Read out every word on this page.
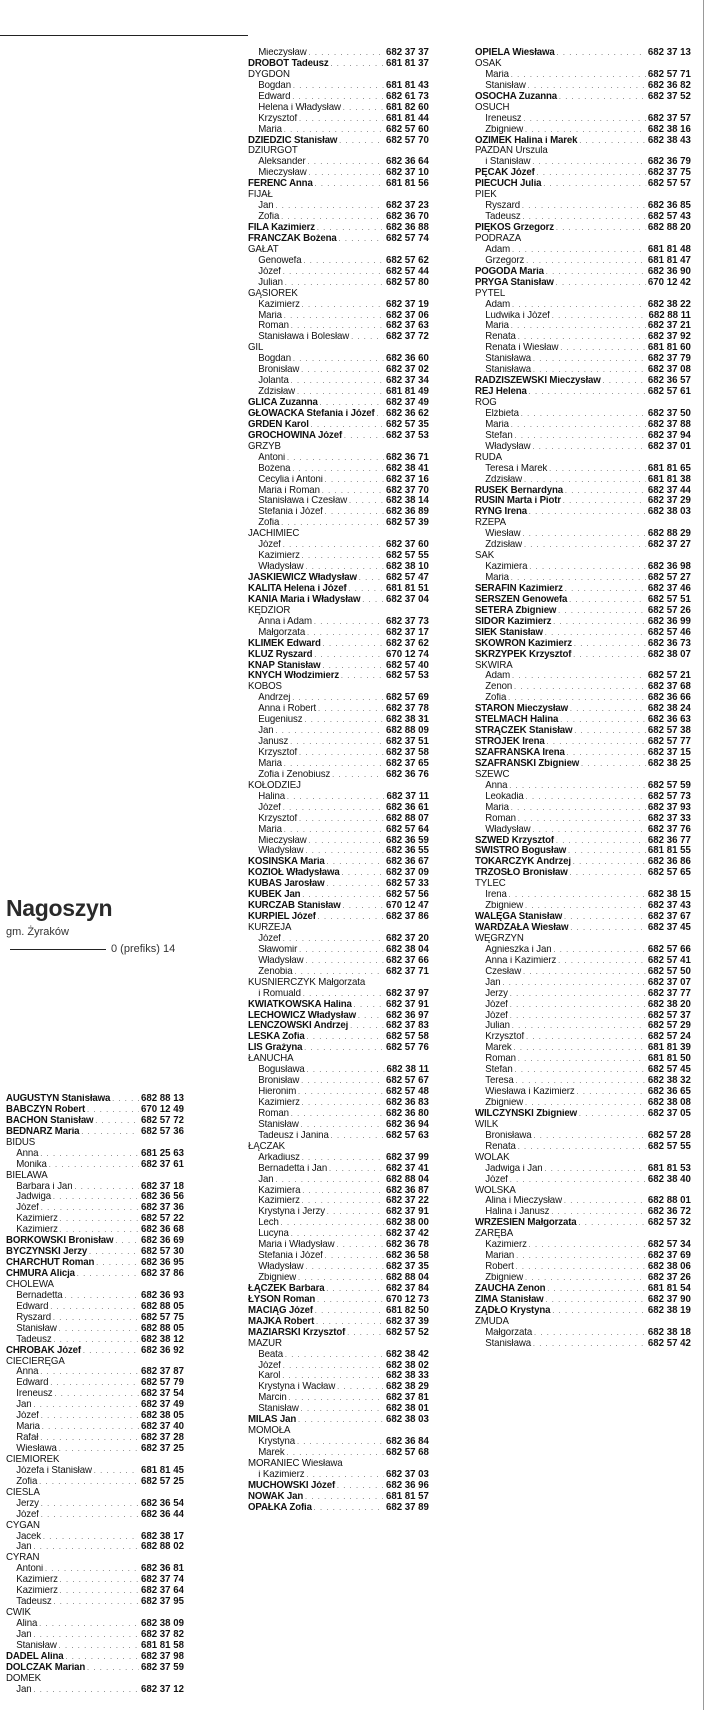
AUGUSTYN Stanisława . . .	682 88 13
BABCZYN Robert . . .	670 12 49
BACHOŃ Stanisław . . .	682 57 72
BEDNARZ Maria . . .	682 57 36
BIDUŚ
Anna . . .	681 25 63
Monika . . .	682 37 61
BIELAWA
Barbara i Jan . . .	682 37 18
Jadwiga . . .	682 36 56
Józef . . .	682 37 36
Kazimierz . . .	682 57 22
Kazimierz . . .	682 36 68
BORKOWSKI Bronisław . . .	682 36 69
BYCZYŃSKI Jerzy . . .	682 57 30
CHARCHUT Roman . . .	682 36 95
CHMURA Alicja . . .	682 37 86
CHOLEWA
Bernadetta . . .	682 36 93
Edward . . .	682 88 05
Ryszard . . .	682 57 75
Stanisław . . .	682 88 05
Tadeusz . . .	682 38 12
CHROBAK Józef . . .	682 36 92
CIECIERĘGA
Anna . . .	682 37 87
Edward . . .	682 57 79
Ireneusz . . .	682 37 54
Jan . . .	682 37 49
Józef . . .	682 38 05
Maria . . .	682 37 40
Rafał . . .	682 37 28
Wiesława . . .	682 37 25
CIEMIOREK
Józefa i Stanisław . . .	681 81 45
Zofia . . .	682 57 25
CIEŚLA
Jerzy . . .	682 36 54
Józef . . .	682 36 44
CYGAN
Jacek . . .	682 38 17
Jan . . .	682 88 02
CYRAN
Antoni . . .	682 36 81
Kazimierz . . .	682 37 74
Kazimierz . . .	682 37 64
Tadeusz . . .	682 37 95
ĆWIK
Alina . . .	682 38 09
Jan . . .	682 37 82
Stanisław . . .	681 81 58
DADEL Alina . . .	682 37 98
DOLCZAK Marian . . .	682 37 59
DOMEK
Jan . . .	682 37 12
Mieczysław . . .	682 37 37
DROBOT Tadeusz . . .	681 81 37
DYGDOŃ
Bogdan . . .	681 81 43
Edward . . .	682 61 73
Helena i Władysław . . .	681 82 60
Krzysztof . . .	681 81 44
Maria . . .	682 57 60
DZIEDZIC Stanisław . . .	682 57 70
DZIURGOT
Aleksander . . .	682 36 64
Mieczysław . . .	682 37 10
FERENC Anna . . .	681 81 56
FIJAŁ
Jan . . .	682 37 23
Zofia . . .	682 36 70
FILA Kazimierz . . .	682 36 88
FRANCZAK Bożena . . .	682 57 74
GAŁAT
Genowefa . . .	682 57 62
Józef . . .	682 57 44
Julian . . .	682 57 80
GĄSIOREK
Kazimierz . . .	682 37 19
Maria . . .	682 37 06
Roman . . .	682 37 63
Stanisława i Bolesław . . .	682 37 72
GIL
Bogdan . . .	682 36 60
Bronisław . . .	682 37 02
Jolanta . . .	682 37 34
Zdzisław . . .	681 81 49
GLICA Zuzanna . . .	682 37 49
GŁOWACKA Stefania i Józef . . . 682 36 62
GRDEŃ Karol . . .	682 57 35
GROCHOWINA Józef . . .	682 37 53
GRZYB
Antoni . . .	682 36 71
Bożena . . .	682 38 41
Cecylia i Antoni . . .	682 37 16
Maria i Roman . . .	682 37 70
Stanisława i Czesław . . .	682 38 14
Stefania i Józef . . .	682 36 89
Zofia . . .	682 57 39
JACHIMIEC
Józef . . .	682 37 60
Kazimierz . . .	682 57 55
Władysław . . .	682 38 10
JAŚKIEWICZ Władysław . . .	682 57 47
KALITA Helena i Józef . . .	681 81 51
KANIA Maria i Władysław . . . 682 37 04
KĘDZIOR
Anna i Adam . . .	682 37 73
Małgorzata . . .	682 37 17
KLIMEK Edward . . .	682 37 62
KLUZ Ryszard . . .	670 12 74
KNAP Stanisław . . .	682 57 40
KNYCH Włodzimierz . . .	682 57 53
KOBOS
Andrzej . . .	682 57 69
Anna i Robert . . .	682 37 78
Eugeniusz . . .	682 38 31
Jan . . .	682 88 09
Janusz . . .	682 37 51
Krzysztof . . .	682 37 58
Maria . . .	682 37 65
Zofia i Zenobiusz . . .	682 36 76
KOŁODZIEJ
Halina . . .	682 37 11
Józef . . .	682 36 61
Krzysztof . . .	682 88 07
Maria . . .	682 57 64
Mieczysław . . .	682 36 59
Władysław . . .	682 36 55
KOSIŃSKA Maria . . .	682 36 67
KOZIOŁ Władysława . . .	682 37 09
KUBAS Jarosław . . .	682 57 33
KUBEK Jan . . .	682 57 56
KURCZAB Stanisław . . .	670 12 47
KURPIEL Józef . . .	682 37 86
KURZEJA
Józef . . .	682 37 20
Sławomir . . .	682 38 04
Władysław . . .	682 37 66
Zenobia . . .	682 37 71
KUŚNIERCZYK Małgorzata
i Romuald . . .	682 37 97
KWIATKOWSKA Halina . . .	682 37 91
LECHOWICZ Władysław . . .	682 36 97
LENCZOWSKI Andrzej . . .	682 37 83
LESKA Zofia . . .	682 57 58
LIS Grażyna . . .	682 57 76
ŁANUCHA
Bogusława . . .	682 38 11
Bronisław . . .	682 57 67
Hieronim . . .	682 57 48
Kazimierz . . .	682 36 83
Roman . . .	682 36 80
Stanisław . . .	682 36 94
Tadeusz i Janina . . .	682 57 63
ŁĄCZAK
Arkadiusz . . .	682 37 99
Bernadetta i Jan . . .	682 37 41
Jan . . .	682 88 04
Kazimiera . . .	682 36 87
Kazimierz . . .	682 37 22
Krystyna i Jerzy . . .	682 37 91
Lech . . .	682 38 00
Lucyna . . .	682 37 42
Maria i Władysław . . .	682 36 78
Stefania i Józef . . .	682 36 58
Władysław . . .	682 37 35
Zbigniew . . .	682 88 04
ŁĄCZEK Barbara . . .	682 37 84
ŁYSOŃ Roman . . .	670 12 73
MACIĄG Józef . . .	681 82 50
MAJKA Robert . . .	682 37 39
MAZIARSKI Krzysztof . . .	682 57 52
MAZUR
Beata . . .	682 38 42
Józef . . .	682 38 02
Karol . . .	682 38 33
Krystyna i Wacław . . .	682 38 29
Marcin . . .	682 37 81
Stanisław . . .	682 38 01
MILAS Jan . . .	682 38 03
MOMOŁA
Krystyna . . .	682 36 84
Marek . . .	682 57 68
MORANIEC Wiesława
i Kazimierz . . .	682 37 03
MUCHOWSKI Józef . . .	682 36 96
NOWAK Jan . . .	681 81 57
OPAŁKA Zofia . . .	682 37 89
OPIELA Wiesława . . .	682 37 13
OSAK
Maria . . .	682 57 71
Stanisław . . .	682 36 82
OSOCHA Zuzanna . . .	682 37 52
OSUCH
Ireneusz . . .	682 37 57
Zbigniew . . .	682 38 16
OZIMEK Halina i Marek . . .	682 38 43
PAZDAN Urszula
i Stanisław . . .	682 36 79
PĘCAK Józef . . .	682 37 75
PIECUCH Julia . . .	682 57 57
PIEK
Ryszard . . .	682 36 85
Tadeusz . . .	682 57 43
PIĘKOŚ Grzegorz . . .	682 88 20
PODRAZA
Adam . . .	681 81 48
Grzegorz . . .	681 81 47
POGODA Maria . . .	682 36 90
PRYGA Stanisław . . .	670 12 42
PYTEL
Adam . . .	682 38 22
Ludwika i Józef . . .	682 88 11
Maria . . .	682 37 21
Renata . . .	682 37 92
Renata i Wiesław . . .	681 81 60
Stanisława . . .	682 37 79
Stanisława . . .	682 37 08
RADZISZEWSKI Mieczysław . . .	682 36 57
REJ Helena . . .	682 57 61
RÓG
Elżbieta . . .	682 37 50
Maria . . .	682 37 88
Stefan . . .	682 37 94
Władysław . . .	682 37 01
RUDA
Teresa i Marek . . .	681 81 65
Zdzisław . . .	681 81 38
RUSEK Bernardyna . . .	682 37 44
RUSIN Marta i Piotr . . .	682 37 29
RYNG Irena . . .	682 38 03
RZEPA
Wiesław . . .	682 88 29
Zdzisław . . .	682 37 27
SAK
Kazimiera . . .	682 36 98
Maria . . .	682 57 27
SERAFIN Kazimierz . . .	682 37 46
SERSZEŃ Genowefa . . .	682 57 51
SETERA Zbigniew . . .	682 57 26
SIDOR Kazimierz . . .	682 36 99
SIEK Stanisław . . .	682 57 46
SKOWRON Kazimierz . . .	682 36 73
SKRZYPEK Krzysztof . . .	682 38 07
SKWIRA
Adam . . .	682 57 21
Zenon . . .	682 37 68
Zofia . . .	682 36 66
STAROŃ Mieczysław . . .	682 38 24
STELMACH Halina . . .	682 36 63
STRĄCZEK Stanisław . . .	682 57 38
STROJEK Irena . . .	682 57 77
SZAFRAŃSKA Irena . . .	682 37 15
SZAFRAŃSKI Zbigniew . . .	682 38 25
SZEWC
Anna . . .	682 57 59
Leokadia . . .	682 57 73
Maria . . .	682 37 93
Roman . . .	682 37 33
Władysław . . .	682 37 76
SZWED Krzysztof . . .	682 36 77
ŚWISTRO Bogusław . . .	681 81 55
TOKARCZYK Andrzej . . .	682 36 86
TRZÓSŁO Bronisław . . .	682 57 65
TYLEC
Irena . . .	682 38 15
Zbigniew . . .	682 37 43
WALĘGA Stanisław . . .	682 37 67
WARDZAŁA Wiesław . . .	682 37 45
WĘGRZYN
Agnieszka i Jan . . .	682 57 66
Anna i Kazimierz . . .	682 57 41
Czesław . . .	682 57 50
Jan . . .	682 37 07
Jerzy . . .	682 37 77
Józef . . .	682 38 20
Józef . . .	682 57 37
Julian . . .	682 57 29
Krzysztof . . .	682 57 24
Marek . . .	681 81 39
Roman . . .	681 81 50
Stefan . . .	682 57 45
Teresa . . .	682 38 32
Wiesława i Kazimierz . . .	682 36 65
Zbigniew . . .	682 38 08
WILCZYŃSKI Zbigniew . . .	682 37 05
WILK
Bronisława . . .	682 57 28
Renata . . .	682 57 55
WOLAK
Jadwiga i Jan . . .	681 81 53
Józef . . .	682 38 40
WOLSKA
Alina i Mieczysław . . .	682 88 01
Halina i Janusz . . .	682 36 72
WRZESIEŃ Małgorzata . . .	682 57 32
ZARĘBA
Kazimierz . . .	682 57 34
Marian . . .	682 37 69
Robert . . .	682 38 06
Zbigniew . . .	682 37 26
ZAUCHA Zenon . . .	681 81 54
ZIMA Stanisław . . .	682 37 90
ŻĄDŁO Krystyna . . .	682 38 19
ŻMUDA
Małgorzata . . .	682 38 18
Stanisława . . .	682 57 42
Nagoszyn
gm. Żyraków
0 (prefiks) 14
